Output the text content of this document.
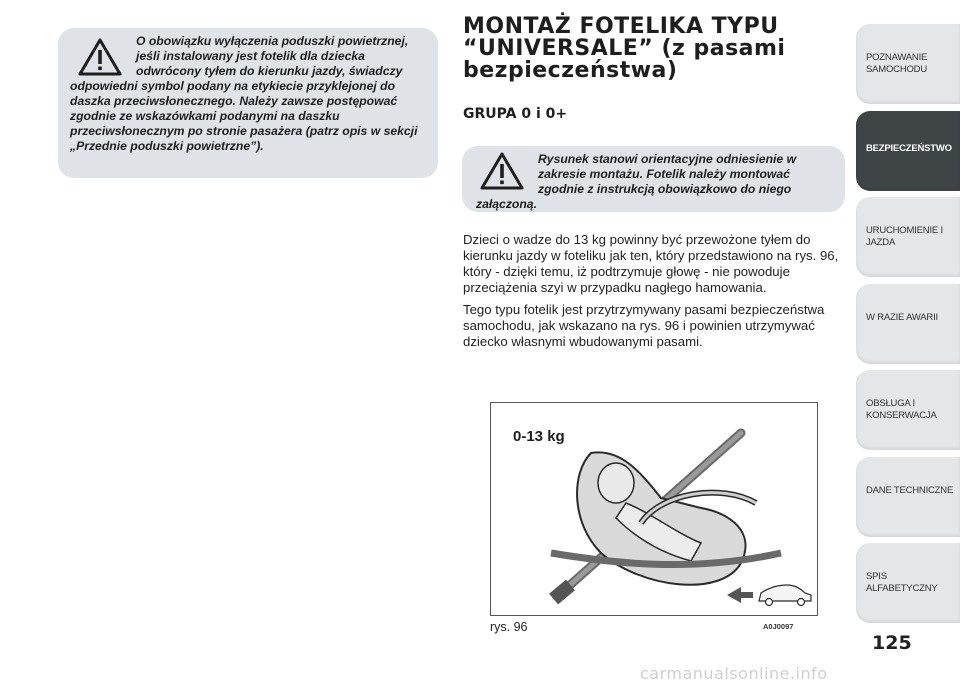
O obowiązku wyłączenia poduszki powietrznej, jeśli instalowany jest fotelik dla dziecka odwrócony tyłem do kierunku jazdy, świadczy odpowiedni symbol podany na etykiecie przyklejonej do daszka przeciwsłonecznego. Należy zawsze postępować zgodnie ze wskazówkami podanymi na daszku przeciwsłonecznym po stronie pasażera (patrz opis w sekcji „Przednie poduszki powietrzne”).

MONTAŻ FOTELIKA TYPU “UNIVERSALE” (z pasami bezpieczeństwa)
GRUPA 0 i 0+

Rysunek stanowi orientacyjne odniesienie w zakresie montażu. Fotelik należy montować zgodnie z instrukcją obowiązkowo do niego załączoną.

Dzieci o wadze do 13 kg powinny być przewożone tyłem do kierunku jazdy w foteliku jak ten, który przedstawiono na rys. 96, który - dzięki temu, iż podtrzymuje głowę - nie powoduje przeciążenia szyi w przypadku nagłego hamowania.

Tego typu fotelik jest przytrzymywany pasami bezpieczeństwa samochodu, jak wskazano na rys. 96 i powinien utrzymywać dziecko własnymi wbudowanymi pasami.

0-13 kg
rys. 96	A0J0097
POZNAWANIE SAMOCHODU
BEZPIECZEŃSTWO
URUCHOMIENIE I JAZDA
W RAZIE AWARII
OBSŁUGA I KONSERWACJA
DANE TECHNICZNE
SPIS ALFABETYCZNY
125
carmanualsonline.info
